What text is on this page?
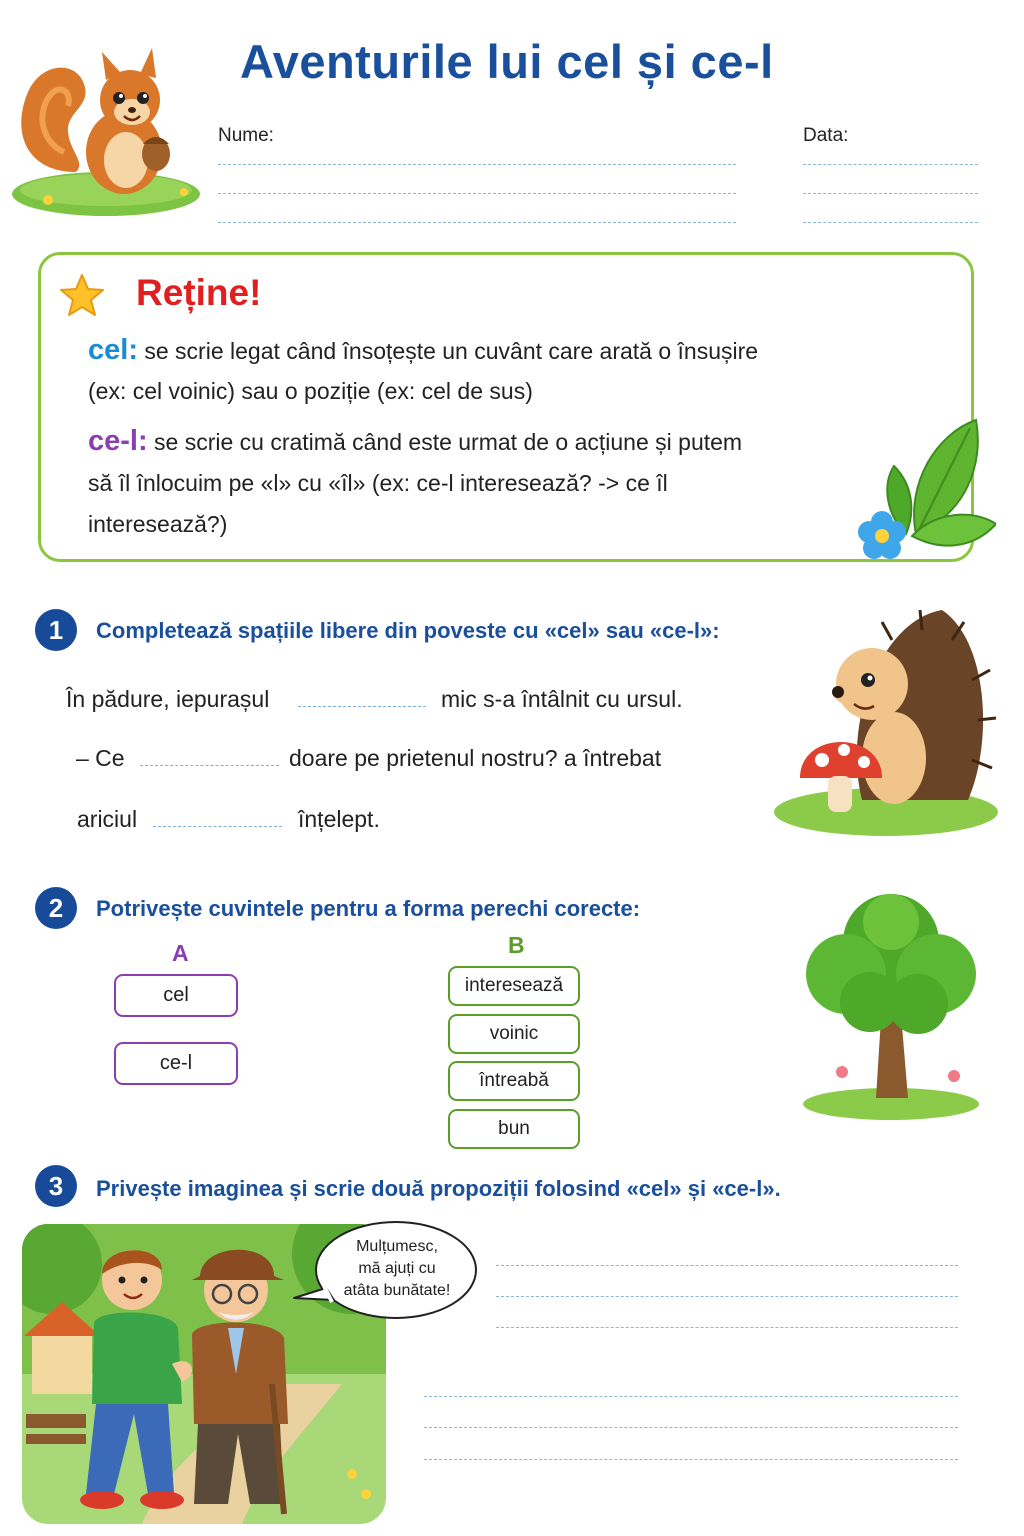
Aventurile lui cel și ce-l
Nume:	Data:
Reține!
cel: se scrie legat când însoțește un cuvânt care arată o însușire
(ex: cel voinic) sau o poziție (ex: cel de sus)
ce-l: se scrie cu cratimă când este urmat de o acțiune și putem
să îl înlocuim pe «l» cu «îl» (ex: ce-l interesează? -> ce îl
interesează?)
1	Completează spațiile libere din poveste cu «cel» sau «ce-l»:
În pădure, iepurașul	mic s-a întâlnit cu ursul.
– Ce	doare pe prietenul nostru? a întrebat
ariciul	înțelept.
2	Potrivește cuvintele pentru a forma perechi corecte:
A	B
cel
ce-l
interesează
voinic
întreabă
bun
3	Privește imaginea și scrie două propoziții folosind «cel» și «ce-l».
Mulțumesc,
mă ajuți cu
atâta bunătate!
